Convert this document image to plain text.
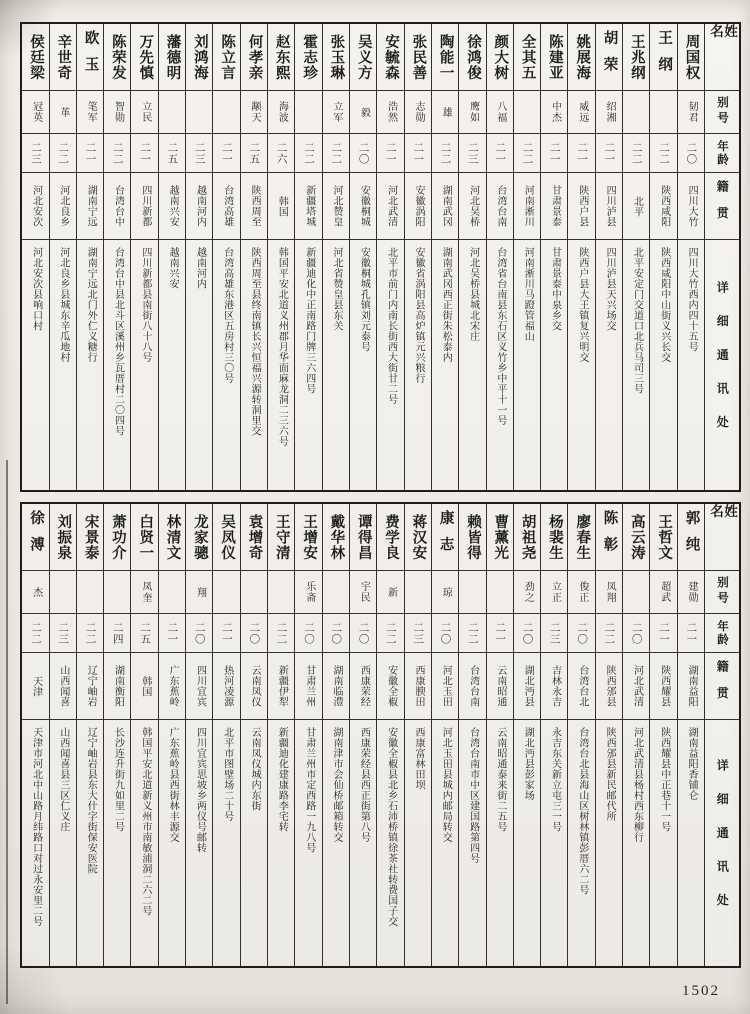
姓名
别号
年龄
籍贯
详细通讯处
周国权
韧君
二〇
四川大竹
四川大竹西内四十五号
王纲
二二
陕西咸阳
陕西咸阳中山街义兴长交
王兆纲
二二
北平
北平安定门交道口北兵马司三号
胡荣
绍湘
二一
四川泸县
四川泸县天兴场交
姚展海
威远
二一
陕西户县
陕西户县大王镇复兴明交
陈建亚
中杰
二一
甘肃景泰
甘肃景泰中泉乡交
全其五
二二
河南淅川
河南淅川马蹬管福山
颜大树
八福
二一
台湾台南
台湾省台南县东石区义竹乡中平十一号
徐鸿俊
鹰如
二三
河北吴桥
河北吴桥县城北宋庄
陶能一
雄
二二
湖南武冈
湖南武冈西正街朱松泰内
张民善
志勋
二一
安徽涡阳
安徽省涡阳县高炉镇元兴粮行
安毓森
浩然
二一
河北武清
北平市前门内南长街西大街廿二号
吴义方
毅
二〇
安徽桐城
安徽桐城孔镇刘元泰号
张玉琳
立军
二二
河北赞皇
河北省赞皇县东关
霍志珍
二二
新疆塔城
新疆迪化中正南路门牌三六四号
赵东熙
海波
二六
韩国
韩国平安北道义州郡月华面麻龙洞二三六号
何孝亲
颙天
二五
陕西周至
陕西周至县终南镇长兴恒福兴源转洞里交
陈立言
二一
台湾高雄
台湾高雄东港区五房村三〇号
刘鸿海
二三
越南河内
越南河内
藩德明
二五
越南兴安
越南兴安
万先慎
立民
二一
四川新都
四川新都县南街八十八号
陈荣发
智勋
二二
台湾台中
台湾台中县北斗区溪州乡瓦厝村二〇四号
欧玉
笔军
二一
湖南宁远
湖南宁远北门外仁义糖行
辛世奇
革
二二
河北良乡
河北良乡县城东辛瓜地村
侯廷梁
冠英
二三
河北安次
河北安次县响口村
姓名
别号
年龄
籍贯
详细通讯处
郭纯
建勋
二一
湖南益阳
湖南益阳香铺仑
王哲文
超武
二一
陕西耀县
陕西耀县中正巷十一号
高云涛
二〇
河北武清
河北武清县杨村西东柳行
陈彰
凤翔
二二
陕西邠县
陕西邠县新民邮代所
廖春生
俊正
二〇
台湾台北
台湾台北县海山区树林镇彭厝六二号
杨裴生
立正
二三
吉林永吉
永吉东关新立屯三一号
胡祖尧
劲之
二〇
湖北沔县
湖北沔县彭家场
曹薰光
二一
云南昭通
云南昭通泰来街二五号
赖皆得
二二
台湾台南
台湾台南市中区建国路第四号
康志
琼
二〇
河北玉田
河北玉田县城内邮局转交
蒋汉安
二三
西康腴田
西康富林田坝
费学良
新
二二
安徽全椒
安徽全椒县北乡石沛桥镇徐茶社转费国子交
谭得昌
宇民
二〇
西康荣经
西康荣经县西正街第八号
戴华林
二〇
湖南临澧
湖南津市会仙桥邮箱转交
王增安
乐斋
二〇
甘肃兰州
甘肃兰州市定西路一九八号
王守清
二二
新疆伊犁
新疆迪化建康路李宅转
袁增奇
二〇
云南凤仪
云南凤仪城内东街
吴凤仪
二一
热河凌源
北平市图壁场二十号
龙家骢
翔
二〇
四川宜宾
四川宜宾思坡乡两仪号邮转
林清文
二一
广东蕉岭
广东蕉岭县西街林丰源交
白贤一
凤奎
二五
韩国
韩国平安北道新义州市南敏浦洞二六二号
萧功介
二四
湖南衡阳
长沙连升街九如里二号
宋景泰
二二
辽宁岫岩
辽宁岫岩县东大什字街保安医院
刘振泉
二三
山西闻喜
山西闻喜县三区仁义庄
徐溥
杰
二二
天津
天津市河北中山路月纬路口对过永安里二号
1502
